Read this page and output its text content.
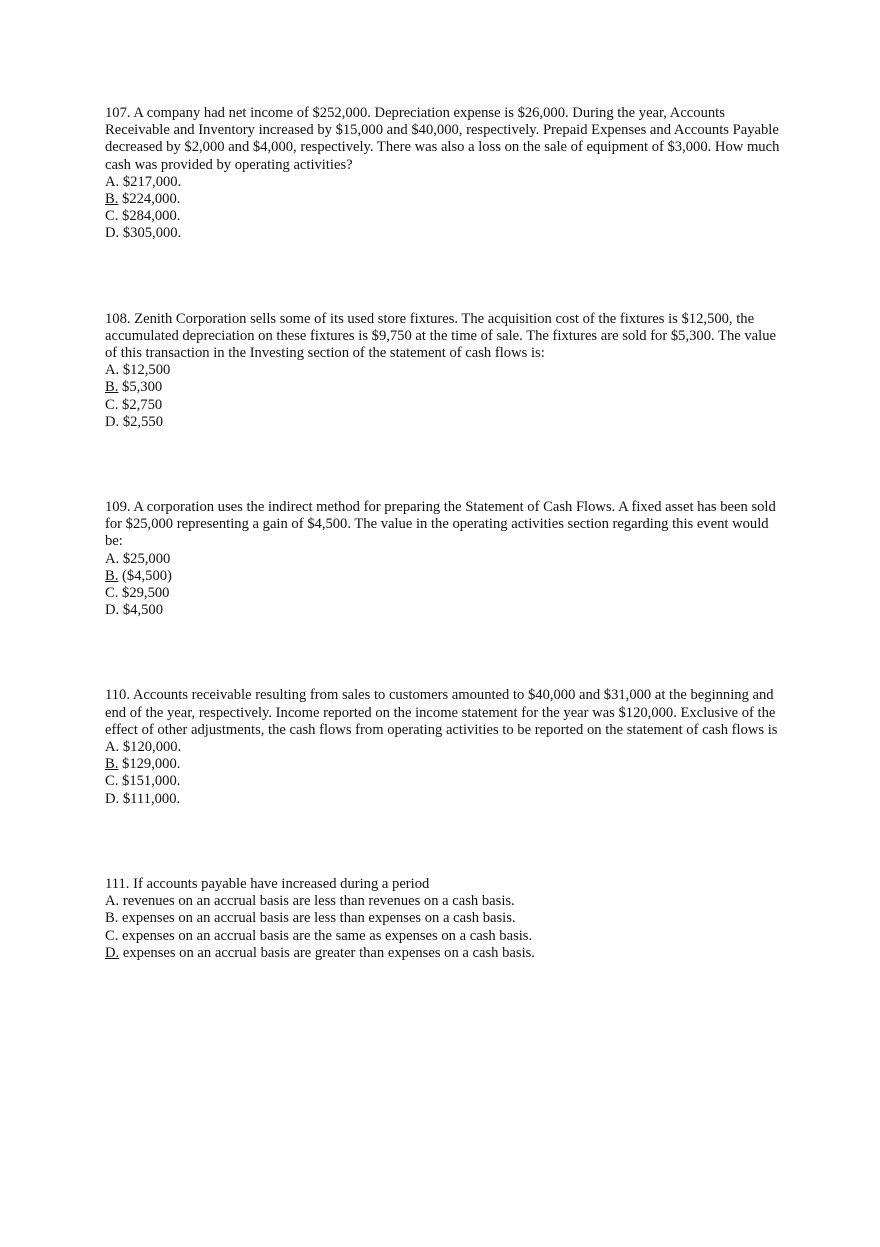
107. A company had net income of $252,000. Depreciation expense is $26,000. During the year, Accounts Receivable and Inventory increased by $15,000 and $40,000, respectively. Prepaid Expenses and Accounts Payable decreased by $2,000 and $4,000, respectively. There was also a loss on the sale of equipment of $3,000. How much cash was provided by operating activities?

A. $217,000.
B. $224,000.
C. $284,000.
D. $305,000.

108. Zenith Corporation sells some of its used store fixtures. The acquisition cost of the fixtures is $12,500, the accumulated depreciation on these fixtures is $9,750 at the time of sale. The fixtures are sold for $5,300. The value of this transaction in the Investing section of the statement of cash flows is:

A. $12,500
B. $5,300
C. $2,750
D. $2,550

109. A corporation uses the indirect method for preparing the Statement of Cash Flows. A fixed asset has been sold for $25,000 representing a gain of $4,500. The value in the operating activities section regarding this event would be:

A. $25,000
B. ($4,500)
C. $29,500
D. $4,500

110. Accounts receivable resulting from sales to customers amounted to $40,000 and $31,000 at the beginning and end of the year, respectively. Income reported on the income statement for the year was $120,000. Exclusive of the effect of other adjustments, the cash flows from operating activities to be reported on the statement of cash flows is

A. $120,000.
B. $129,000.
C. $151,000.
D. $111,000.

111. If accounts payable have increased during a period

A. revenues on an accrual basis are less than revenues on a cash basis.
B. expenses on an accrual basis are less than expenses on a cash basis.
C. expenses on an accrual basis are the same as expenses on a cash basis.
D. expenses on an accrual basis are greater than expenses on a cash basis.
